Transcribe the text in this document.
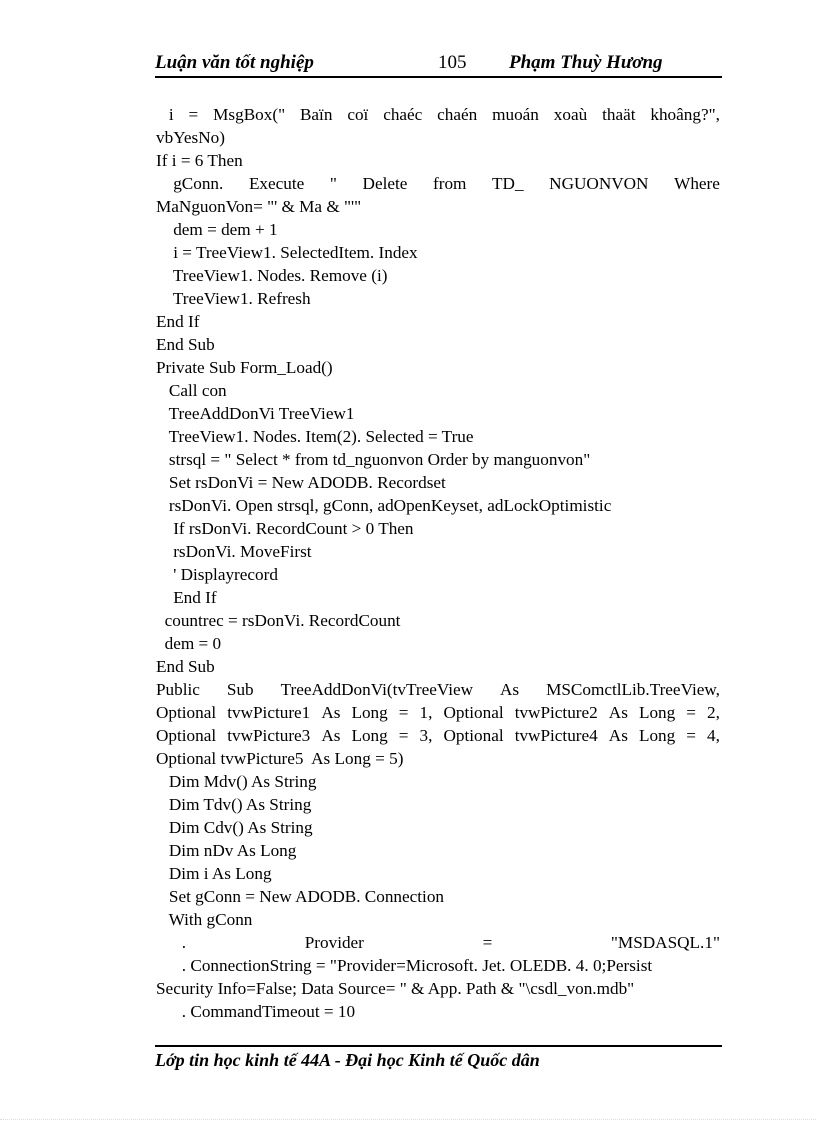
Luận văn tốt nghiệp	105 Phạm Thuỳ Hương
i = MsgBox(" Baïn coï chaéc chaén muoán xoaù thaät khoâng?",
vbYesNo)
If i = 6 Then
gConn. Execute " Delete from TD_ NGUONVON Where
MaNguonVon= "' & Ma & "'"
dem = dem + 1
i = TreeView1. SelectedItem. Index
TreeView1. Nodes. Remove (i)
TreeView1. Refresh
End If
End Sub
Private Sub Form_Load()
Call con
TreeAddDonVi TreeView1
TreeView1. Nodes. Item(2). Selected = True
strsql = " Select * from td_nguonvon Order by manguonvon"
Set rsDonVi = New ADODB. Recordset
rsDonVi. Open strsql, gConn, adOpenKeyset, adLockOptimistic
If rsDonVi. RecordCount > 0 Then
rsDonVi. MoveFirst
' Displayrecord
End If
countrec = rsDonVi. RecordCount
dem = 0
End Sub
Public Sub TreeAddDonVi(tvTreeView As MSComctlLib.TreeView,
Optional tvwPicture1 As Long = 1, Optional tvwPicture2 As Long = 2,
Optional tvwPicture3 As Long = 3, Optional tvwPicture4 As Long = 4,
Optional tvwPicture5  As Long = 5)
Dim Mdv() As String
Dim Tdv() As String
Dim Cdv() As String
Dim nDv As Long
Dim i As Long
Set gConn = New ADODB. Connection
With gConn
.	Provider	=	"MSDASQL.1"
. ConnectionString = "Provider=Microsoft. Jet. OLEDB. 4. 0;Persist
Security Info=False; Data Source= " & App. Path & "\csdl_von.mdb"
. CommandTimeout = 10
Lớp tin học kinh tế 44A - Đại học Kinh tế Quốc dân
